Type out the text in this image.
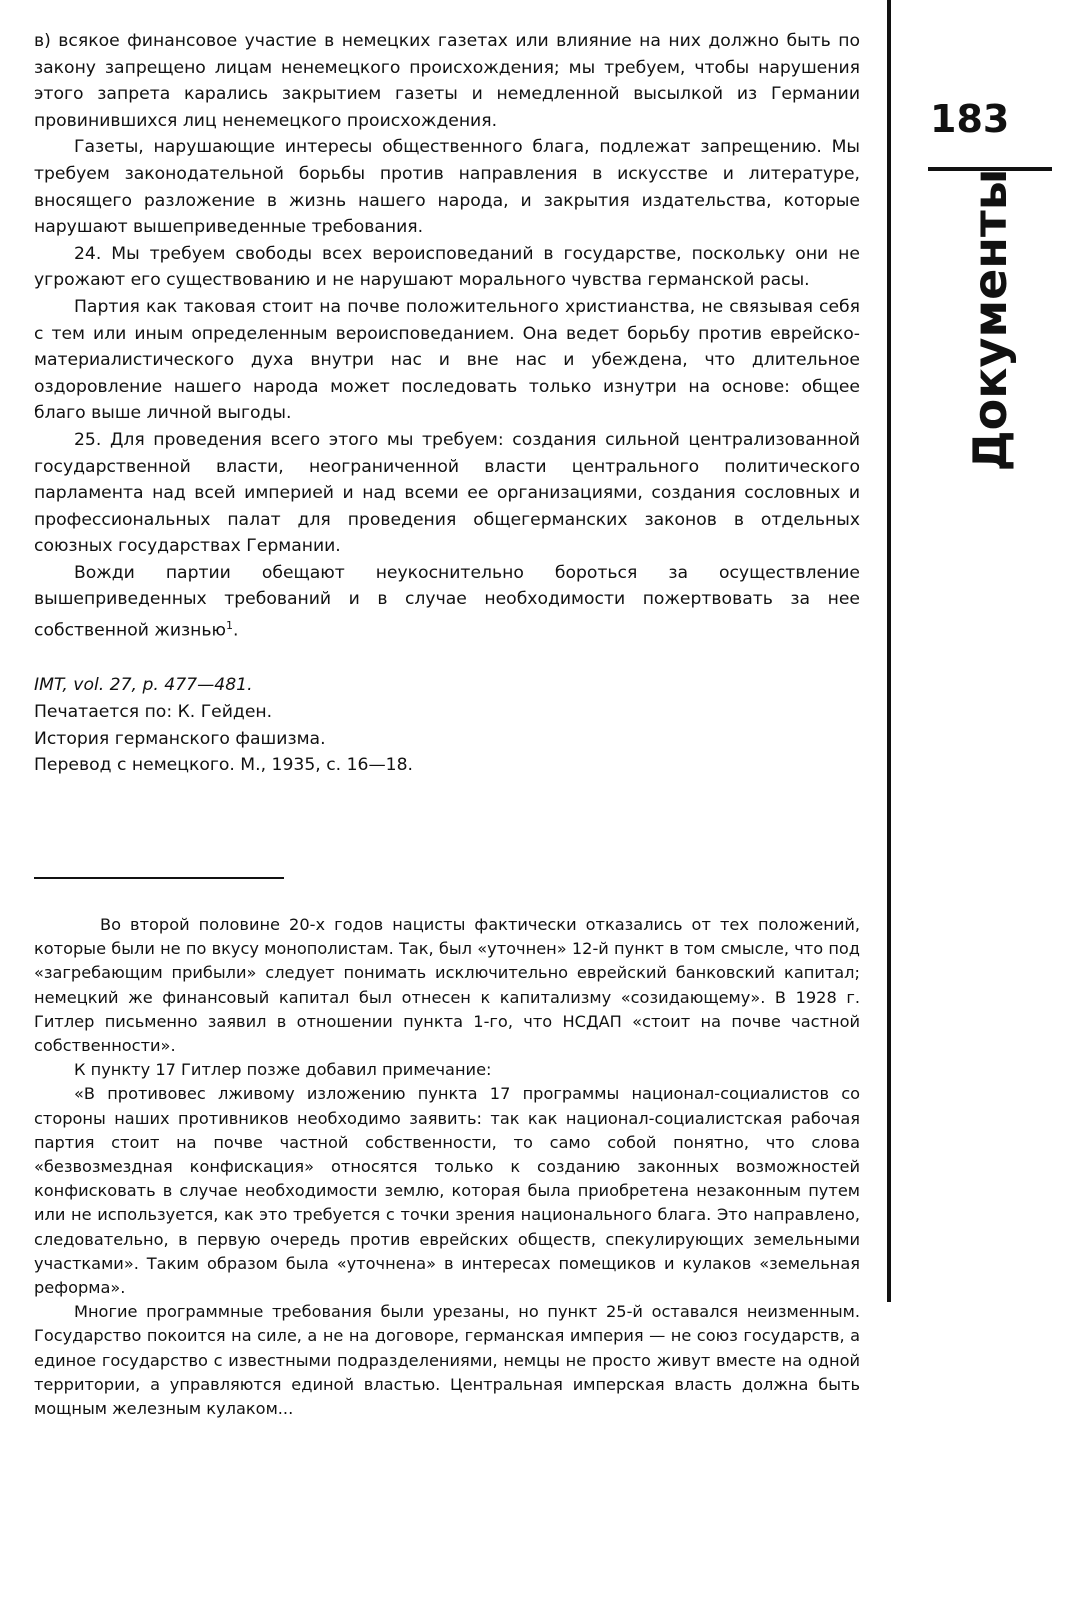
в) всякое финансовое участие в немецких газетах или влияние на них должно быть по закону запрещено лицам ненемецкого происхождения; мы требуем, чтобы нарушения этого запрета карались закрытием газеты и немедленной высылкой из Германии провинившихся лиц ненемецкого происхождения.

Газеты, нарушающие интересы общественного блага, подлежат запрещению. Мы требуем законодательной борьбы против направления в искусстве и литературе, вносящего разложение в жизнь нашего народа, и закрытия издательства, которые нарушают вышеприведенные требования.

24. Мы требуем свободы всех вероисповеданий в государстве, поскольку они не угрожают его существованию и не нарушают морального чувства германской расы.

Партия как таковая стоит на почве положительного христианства, не связывая себя с тем или иным определенным вероисповеданием. Она ведет борьбу против еврейско-материалистического духа внутри нас и вне нас и убеждена, что длительное оздоровление нашего народа может последовать только изнутри на основе: общее благо выше личной выгоды.

25. Для проведения всего этого мы требуем: создания сильной централизованной государственной власти, неограниченной власти центрального политического парламента над всей империей и над всеми ее организациями, создания сословных и профессиональных палат для проведения общегерманских законов в отдельных союзных государствах Германии.

Вожди партии обещают неукоснительно бороться за осуществление вышеприведенных требований и в случае необходимости пожертвовать за нее собственной жизнью$^1$.

IMT, vol. 27, p. 477—481.
Печатается по: К. Гейден.
История германского фашизма.
Перевод с немецкого. М., 1935, с. 16—18.

Во второй половине 20-х годов нацисты фактически отказались от тех положений, которые были не по вкусу монополистам. Так, был «уточнен» 12-й пункт в том смысле, что под «загребающим прибыли» следует понимать исключительно еврейский банковский капитал; немецкий же финансовый капитал был отнесен к капитализму «созидающему». В 1928 г. Гитлер письменно заявил в отношении пункта 1-го, что НСДАП «стоит на почве частной собственности».

К пункту 17 Гитлер позже добавил примечание:

«В противовес лживому изложению пункта 17 программы национал-социалистов со стороны наших противников необходимо заявить: так как национал-социалистская рабочая партия стоит на почве частной собственности, то само собой понятно, что слова «безвозмездная конфискация» относятся только к созданию законных возможностей конфисковать в случае необходимости землю, которая была приобретена незаконным путем или не используется, как это требуется с точки зрения национального блага. Это направлено, следовательно, в первую очередь против еврейских обществ, спекулирующих земельными участками». Таким образом была «уточнена» в интересах помещиков и кулаков «земельная реформа».

Многие программные требования были урезаны, но пункт 25-й оставался неизменным. Государство покоится на силе, а не на договоре, германская империя — не союз государств, а единое государство с известными подразделениями, немцы не просто живут вместе на одной территории, а управляются единой властью. Центральная имперская власть должна быть мощным железным кулаком...

183
Документы
